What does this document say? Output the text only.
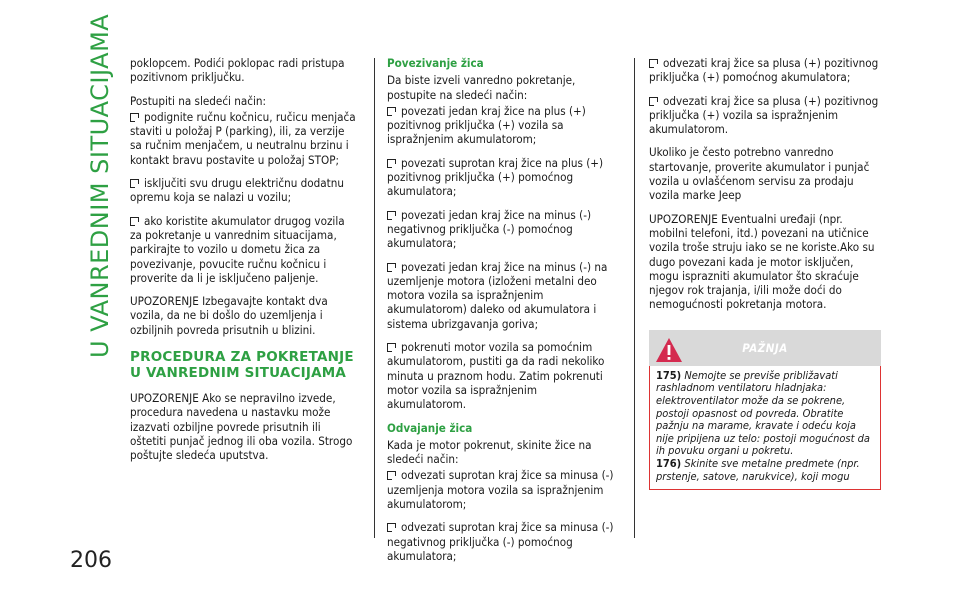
U VANREDNIM SITUACIJAMA
206

poklopcem. Podići poklopac radi pristupa pozitivnom priključku.

Postupiti na sledeći način:

podignite ručnu kočnicu, ručicu menjača staviti u položaj P (parking), ili, za verzije sa ručnim menjačem, u neutralnu brzinu i kontakt bravu postavite u položaj STOP;

isključiti svu drugu električnu dodatnu opremu koja se nalazi u vozilu;

ako koristite akumulator drugog vozila za pokretanje u vanrednim situacijama, parkirajte to vozilo u dometu žica za povezivanje, povucite ručnu kočnicu i proverite da li je isključeno paljenje.

UPOZORENJE Izbegavajte kontakt dva vozila, da ne bi došlo do uzemljenja i ozbiljnih povreda prisutnih u blizini.

PROCEDURA ZA POKRETANJE U VANREDNIM SITUACIJAMA

UPOZORENJE Ako se nepravilno izvede, procedura navedena u nastavku može izazvati ozbiljne povrede prisutnih ili oštetiti punjač jednog ili oba vozila. Strogo poštujte sledeća uputstva.

Povezivanje žica

Da biste izveli vanredno pokretanje, postupite na sledeći način:

povezati jedan kraj žice na plus (+) pozitivnog priključka (+) vozila sa ispražnjenim akumulatorom;

povezati suprotan kraj žice na plus (+) pozitivnog priključka (+) pomoćnog akumulatora;

povezati jedan kraj žice na minus (-) negativnog priključka (-) pomoćnog akumulatora;

povezati jedan kraj žice na minus (-) na uzemljenje motora (izloženi metalni deo motora vozila sa ispražnjenim akumulatorom) daleko od akumulatora i sistema ubrizgavanja goriva;

pokrenuti motor vozila sa pomoćnim akumulatorom, pustiti ga da radi nekoliko minuta u praznom hodu. Zatim pokrenuti motor vozila sa ispražnjenim akumulatorom.

Odvajanje žica

Kada je motor pokrenut, skinite žice na sledeći način:

odvezati suprotan kraj žice sa minusa (-) uzemljenja motora vozila sa ispražnjenim akumulatorom;

odvezati suprotan kraj žice sa minusa (-) negativnog priključka (-) pomoćnog akumulatora;

odvezati kraj žice sa plusa (+) pozitivnog priključka (+) pomoćnog akumulatora;

odvezati kraj žice sa plusa (+) pozitivnog priključka (+) vozila sa ispražnjenim akumulatorom.

Ukoliko je često potrebno vanredno startovanje, proverite akumulator i punjač vozila u ovlašćenom servisu za prodaju vozila marke Jeep

UPOZORENJE Eventualni uređaji (npr. mobilni telefoni, itd.) povezani na utičnice vozila troše struju iako se ne koriste.Ako su dugo povezani kada je motor isključen, mogu isprazniti akumulator što skraćuje njegov rok trajanja, i/ili može doći do nemogućnosti pokretanja motora.

PAŽNJA
175) Nemojte se previše približavati rashladnom ventilatoru hladnjaka: elektroventilator može da se pokrene, postoji opasnost od povreda. Obratite pažnju na marame, kravate i odeću koja nije pripijena uz telo: postoji mogućnost da ih povuku organi u pokretu.
176) Skinite sve metalne predmete (npr. prstenje, satove, narukvice), koji mogu
